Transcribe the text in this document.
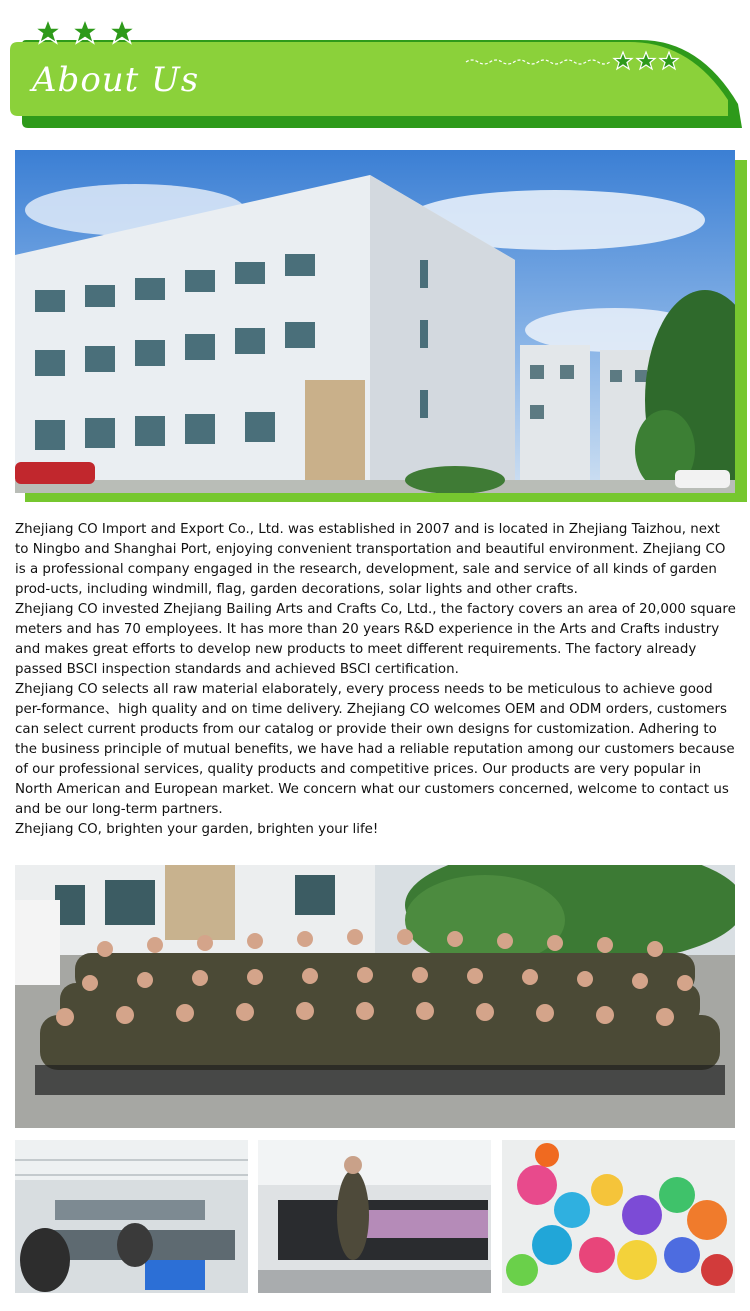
About Us

Zhejiang CO Import and Export Co., Ltd. was established in 2007 and is located in Zhejiang Taizhou, next to Ningbo and Shanghai Port, enjoying convenient transportation and beautiful environment. Zhejiang CO is a professional company engaged in the research, development, sale and service of all kinds of garden prod-ucts, including windmill, flag, garden decorations, solar lights and other crafts.

Zhejiang CO invested Zhejiang Bailing Arts and Crafts Co, Ltd., the factory covers an area of 20,000 square meters and has 70 employees. It has more than 20 years R&D experience in the Arts and Crafts industry and makes great efforts to develop new products to meet different requirements. The factory already passed BSCI inspection standards and achieved BSCI certification.

Zhejiang CO selects all raw material elaborately, every process needs to be meticulous to achieve good per-formance、high quality and on time delivery. Zhejiang CO welcomes OEM and ODM orders, customers can select current products from our catalog or provide their own designs for customization. Adhering to the business principle of mutual benefits, we have had a reliable reputation among our customers because of our professional services, quality products and competitive prices. Our products are very popular in North American and European market. We concern what our customers concerned, welcome to contact us and be our long-term partners.

Zhejiang CO, brighten your garden, brighten your life!
